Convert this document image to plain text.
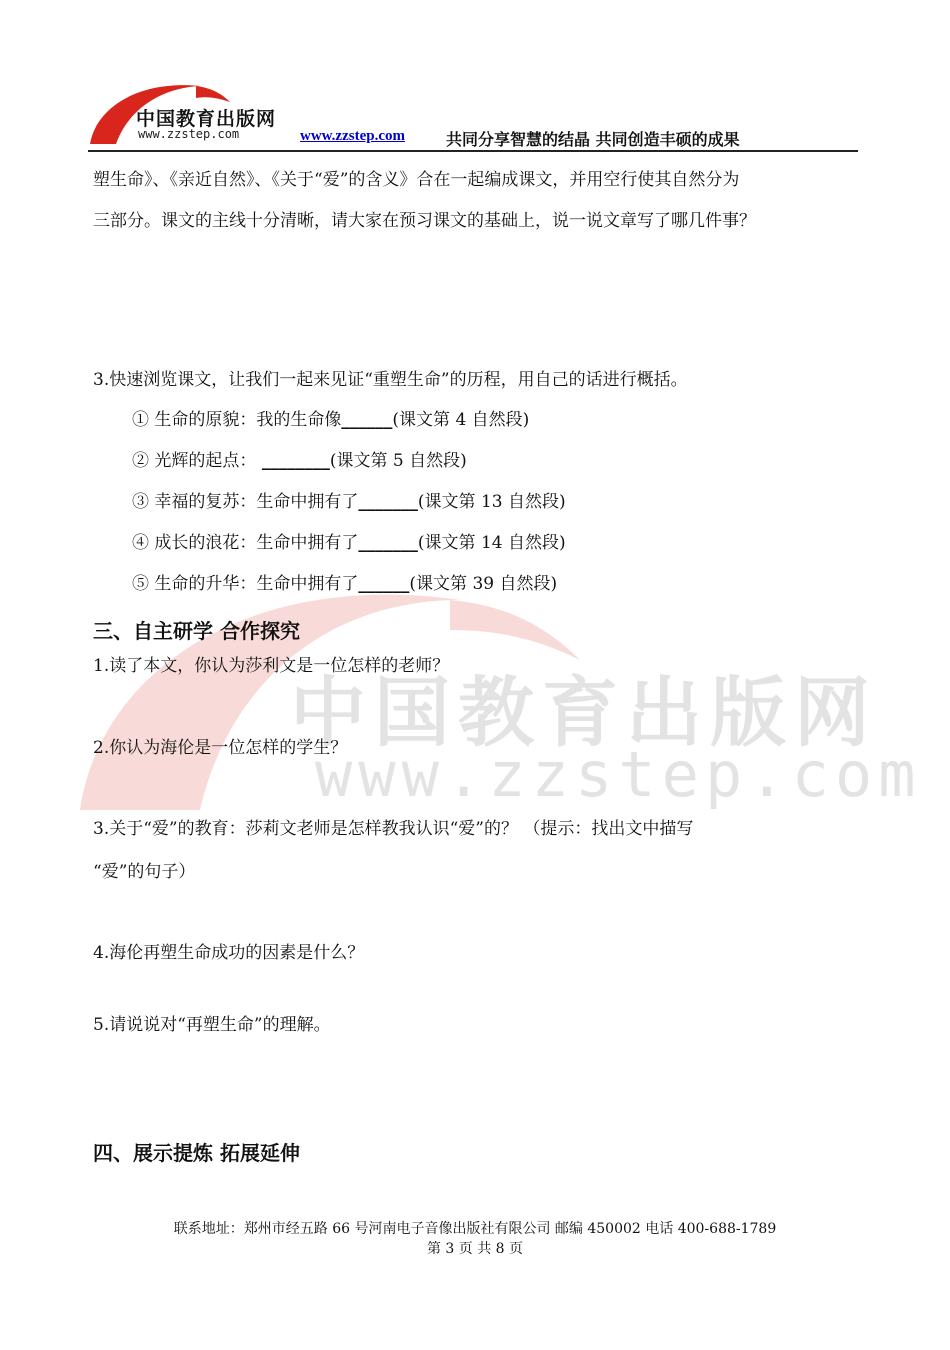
中国教育出版网
www.zzstep.com
中国教育出版网
www.zzstep.com	www.zzstep.com	共同分享智慧的结晶 共同创造丰硕的成果
塑生命》、《亲近自然》、《关于“爱”的含义》合在一起编成课文，并用空行使其自然分为
三部分。课文的主线十分清晰，请大家在预习课文的基础上，说一说文章写了哪几件事？
3.快速浏览课文，让我们一起来见证“重塑生命”的历程，用自己的话进行概括。
① 生命的原貌：我的生命像______(课文第 4 自然段)
② 光辉的起点： ________(课文第 5 自然段)
③ 幸福的复苏：生命中拥有了_______(课文第 13 自然段)
④ 成长的浪花：生命中拥有了_______(课文第 14 自然段)
⑤ 生命的升华：生命中拥有了______(课文第 39 自然段)
三、自主研学 合作探究
1.读了本文，你认为莎利文是一位怎样的老师？
2.你认为海伦是一位怎样的学生？
3.关于“爱”的教育：莎莉文老师是怎样教我认识“爱”的？ （提示：找出文中描写
“爱”的句子）
4.海伦再塑生命成功的因素是什么？
5.请说说对“再塑生命”的理解。
四、展示提炼 拓展延伸
联系地址：郑州市经五路 66 号河南电子音像出版社有限公司 邮编 450002 电话 400-688-1789
第 3 页 共 8 页
